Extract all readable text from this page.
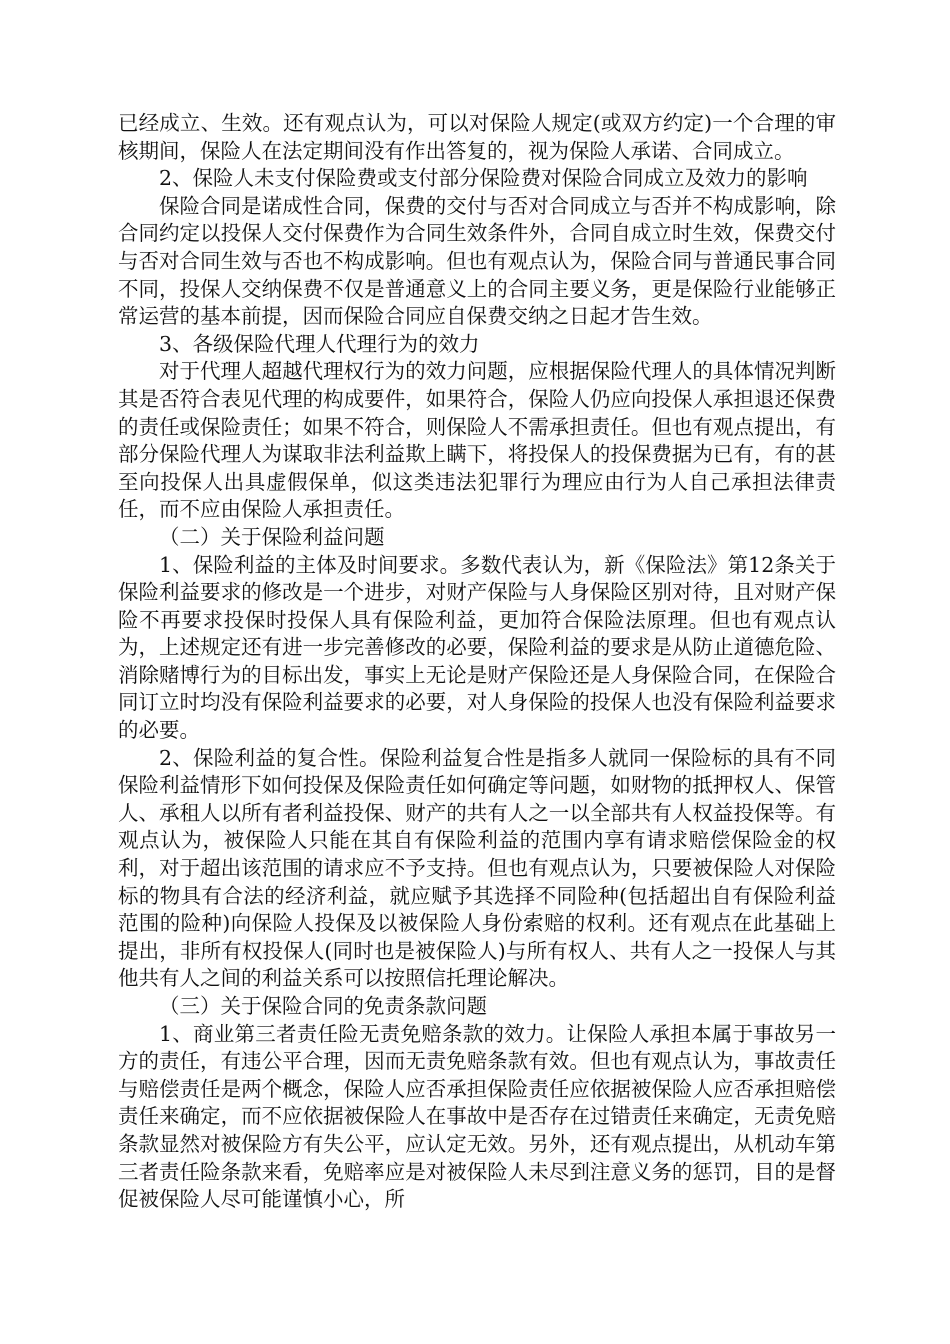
已经成立、生效。还有观点认为，可以对保险人规定(或双方约定)一个合理的审核期间，保险人在法定期间没有作出答复的，视为保险人承诺、合同成立。

2、保险人未支付保险费或支付部分保险费对保险合同成立及效力的影响

保险合同是诺成性合同，保费的交付与否对合同成立与否并不构成影响，除合同约定以投保人交付保费作为合同生效条件外，合同自成立时生效，保费交付与否对合同生效与否也不构成影响。但也有观点认为，保险合同与普通民事合同不同，投保人交纳保费不仅是普通意义上的合同主要义务，更是保险行业能够正常运营的基本前提，因而保险合同应自保费交纳之日起才告生效。

3、各级保险代理人代理行为的效力

对于代理人超越代理权行为的效力问题，应根据保险代理人的具体情况判断其是否符合表见代理的构成要件，如果符合，保险人仍应向投保人承担退还保费的责任或保险责任；如果不符合，则保险人不需承担责任。但也有观点提出，有部分保险代理人为谋取非法利益欺上瞒下，将投保人的投保费据为已有，有的甚至向投保人出具虚假保单，似这类违法犯罪行为理应由行为人自己承担法律责任，而不应由保险人承担责任。

（二）关于保险利益问题

1、保险利益的主体及时间要求。多数代表认为，新《保险法》第12条关于保险利益要求的修改是一个进步，对财产保险与人身保险区别对待，且对财产保险不再要求投保时投保人具有保险利益，更加符合保险法原理。但也有观点认为，上述规定还有进一步完善修改的必要，保险利益的要求是从防止道德危险、消除赌博行为的目标出发，事实上无论是财产保险还是人身保险合同，在保险合同订立时均没有保险利益要求的必要，对人身保险的投保人也没有保险利益要求的必要。

2、保险利益的复合性。保险利益复合性是指多人就同一保险标的具有不同保险利益情形下如何投保及保险责任如何确定等问题，如财物的抵押权人、保管人、承租人以所有者利益投保、财产的共有人之一以全部共有人权益投保等。有观点认为，被保险人只能在其自有保险利益的范围内享有请求赔偿保险金的权利，对于超出该范围的请求应不予支持。但也有观点认为，只要被保险人对保险标的物具有合法的经济利益，就应赋予其选择不同险种(包括超出自有保险利益范围的险种)向保险人投保及以被保险人身份索赔的权利。还有观点在此基础上提出，非所有权投保人(同时也是被保险人)与所有权人、共有人之一投保人与其他共有人之间的利益关系可以按照信托理论解决。

（三）关于保险合同的免责条款问题

1、商业第三者责任险无责免赔条款的效力。让保险人承担本属于事故另一方的责任，有违公平合理，因而无责免赔条款有效。但也有观点认为，事故责任与赔偿责任是两个概念，保险人应否承担保险责任应依据被保险人应否承担赔偿责任来确定，而不应依据被保险人在事故中是否存在过错责任来确定，无责免赔条款显然对被保险方有失公平，应认定无效。另外，还有观点提出，从机动车第三者责任险条款来看，免赔率应是对被保险人未尽到注意义务的惩罚，目的是督促被保险人尽可能谨慎小心，所
